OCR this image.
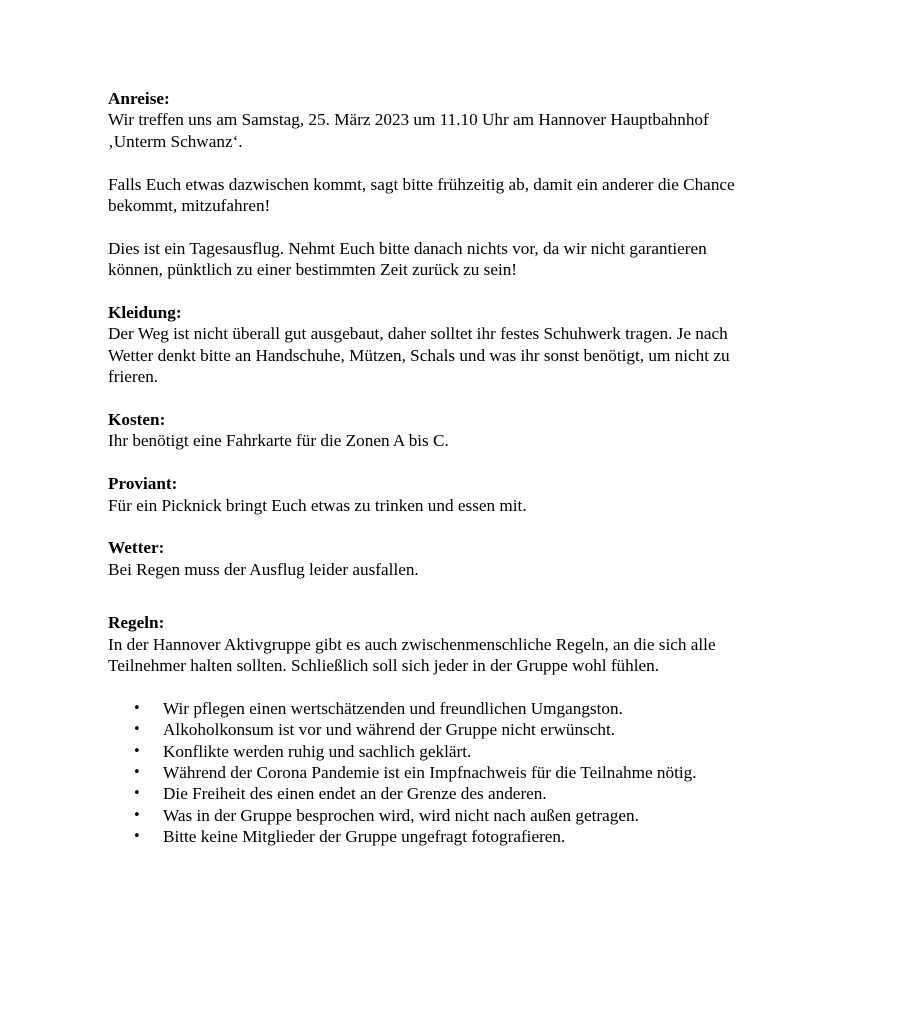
Anreise:
Wir treffen uns am Samstag, 25. März 2023 um 11.10 Uhr am Hannover Hauptbahnhof
‚Unterm Schwanz‘.
Falls Euch etwas dazwischen kommt, sagt bitte frühzeitig ab, damit ein anderer die Chance
bekommt, mitzufahren!
Dies ist ein Tagesausflug. Nehmt Euch bitte danach nichts vor, da wir nicht garantieren
können, pünktlich zu einer bestimmten Zeit zurück zu sein!
Kleidung:
Der Weg ist nicht überall gut ausgebaut, daher solltet ihr festes Schuhwerk tragen. Je nach
Wetter denkt bitte an Handschuhe, Mützen, Schals und was ihr sonst benötigt, um nicht zu
frieren.
Kosten:
Ihr benötigt eine Fahrkarte für die Zonen A bis C.
Proviant:
Für ein Picknick bringt Euch etwas zu trinken und essen mit.
Wetter:
Bei Regen muss der Ausflug leider ausfallen.
Regeln:
In der Hannover Aktivgruppe gibt es auch zwischenmenschliche Regeln, an die sich alle
Teilnehmer halten sollten. Schließlich soll sich jeder in der Gruppe wohl fühlen.
• Wir pflegen einen wertschätzenden und freundlichen Umgangston.
• Alkoholkonsum ist vor und während der Gruppe nicht erwünscht.
• Konflikte werden ruhig und sachlich geklärt.
• Während der Corona Pandemie ist ein Impfnachweis für die Teilnahme nötig.
• Die Freiheit des einen endet an der Grenze des anderen.
• Was in der Gruppe besprochen wird, wird nicht nach außen getragen.
• Bitte keine Mitglieder der Gruppe ungefragt fotografieren.
